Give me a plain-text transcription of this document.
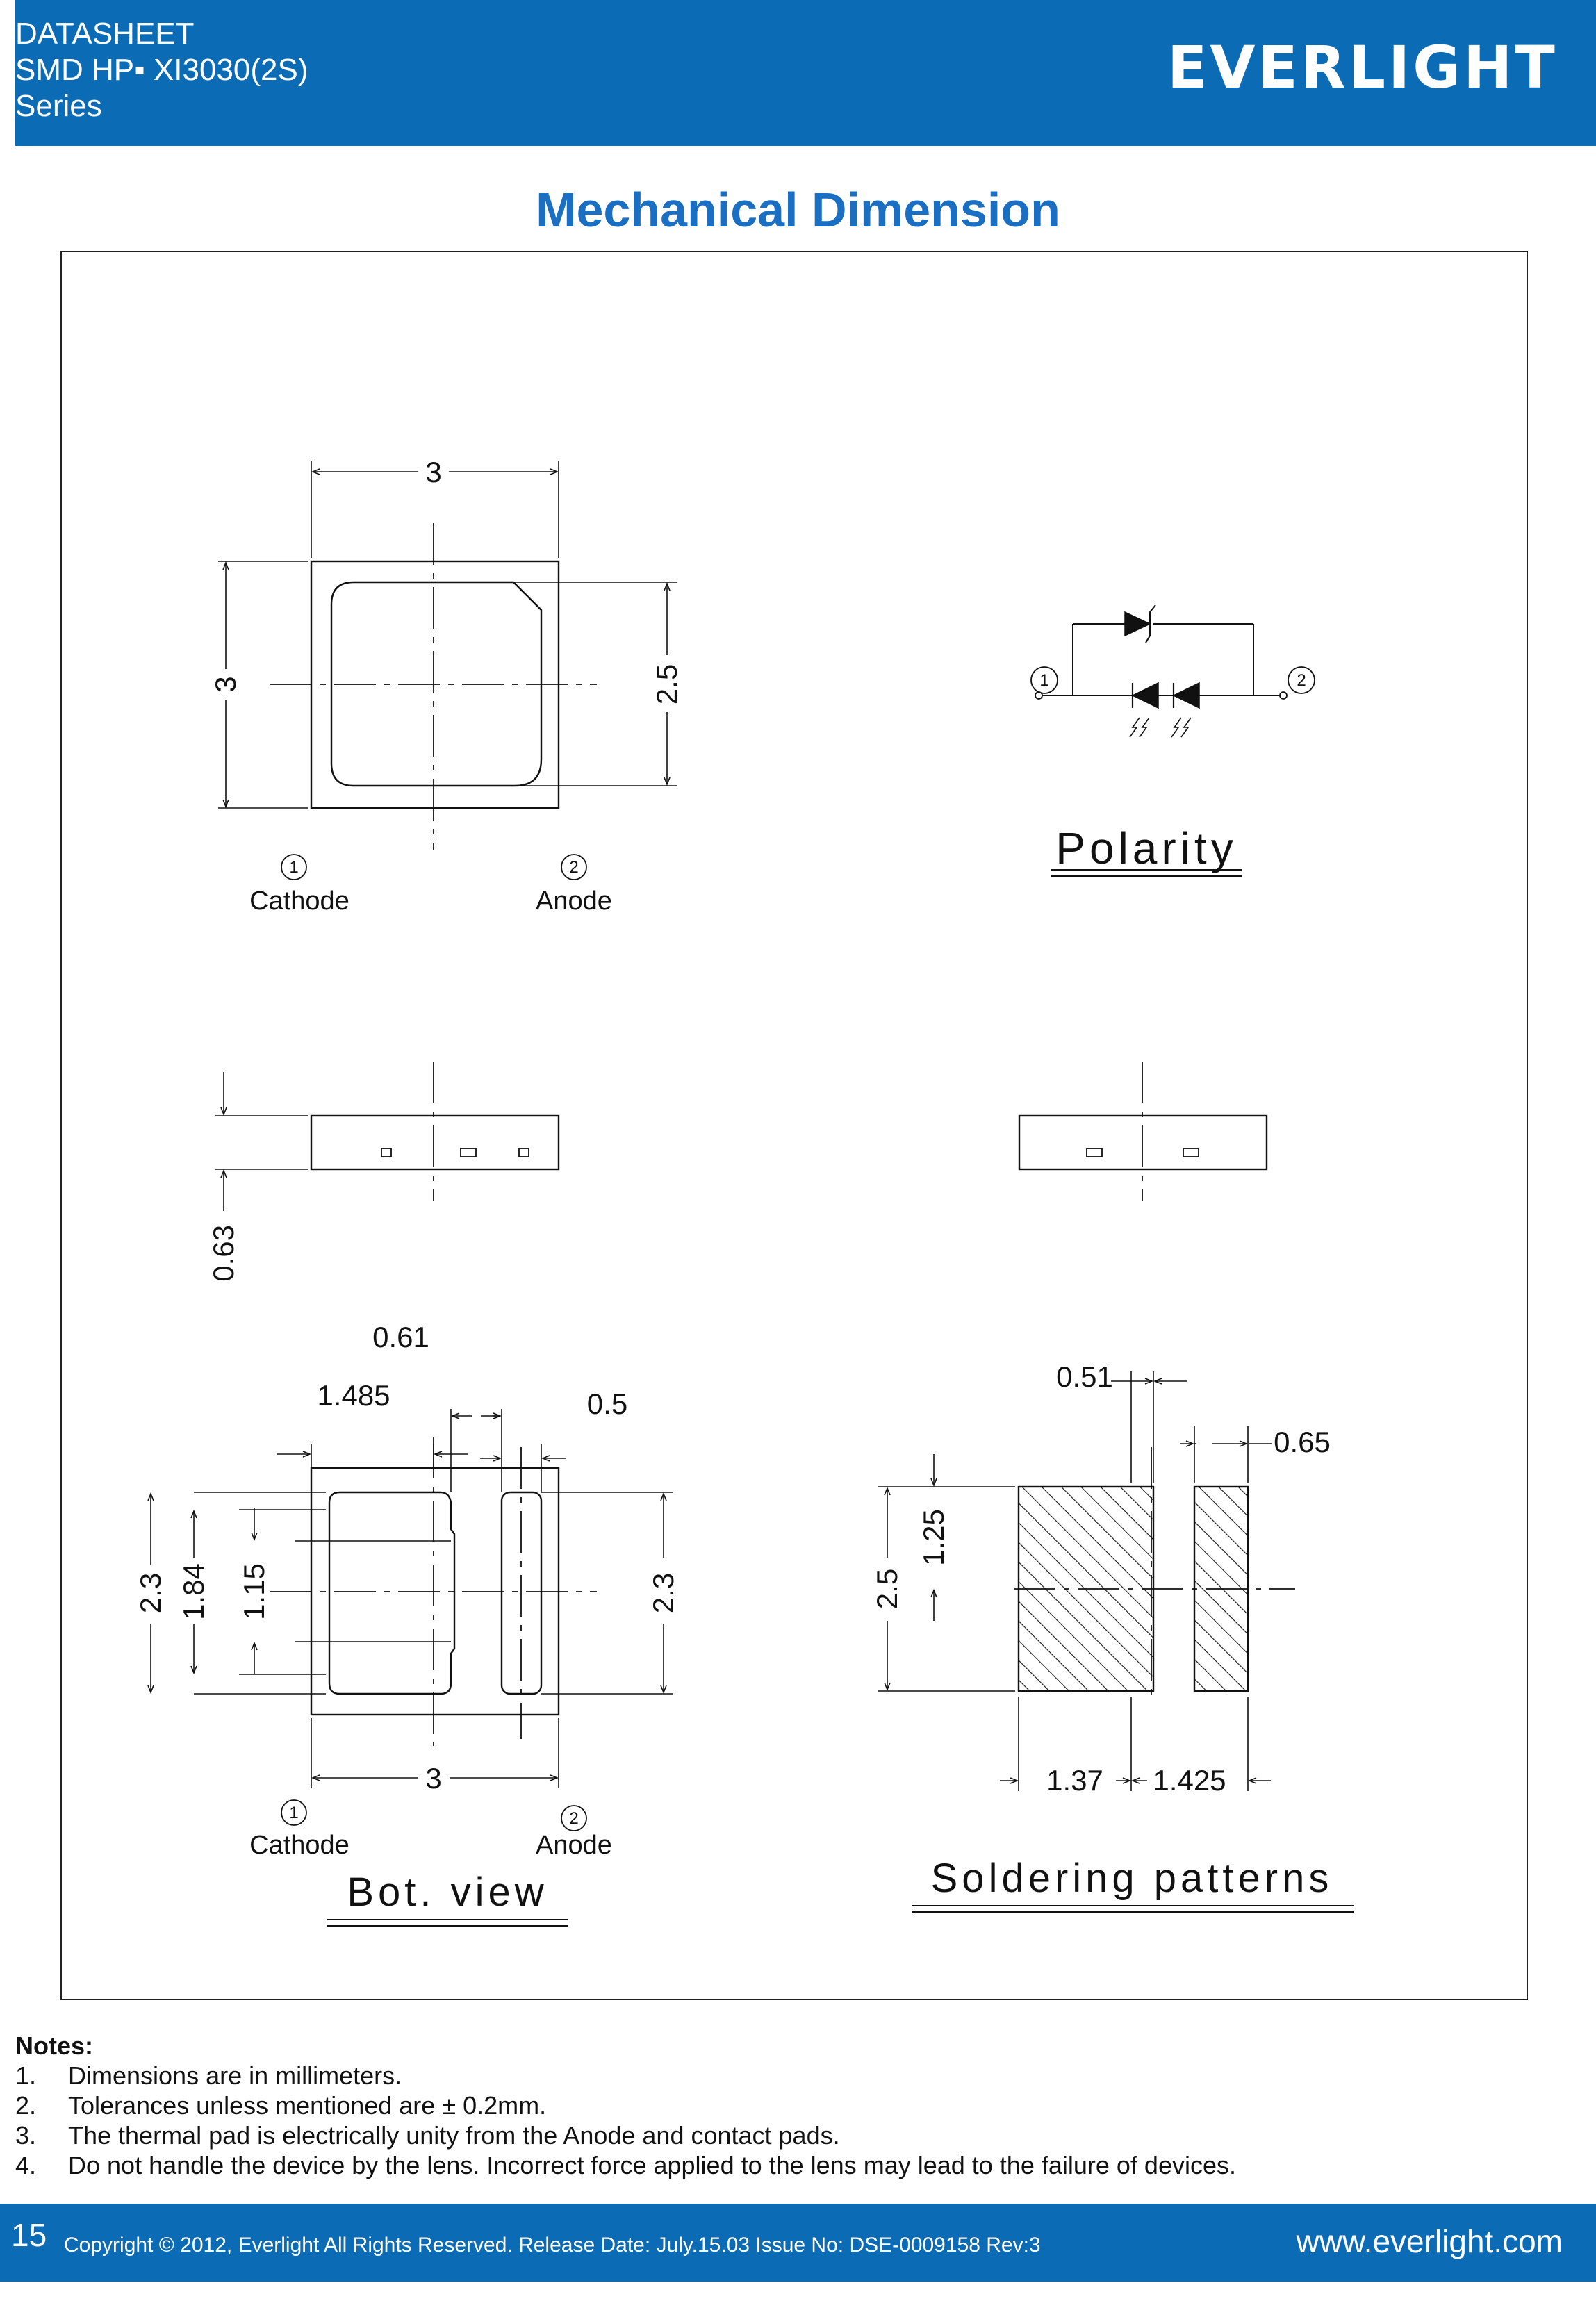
DATASHEET
SMD HP▪ XI3030(2S)
Series
EVERLIGHT
Mechanical Dimension
3
3	2.5
1	2
Cathode	Anode
1	2
Polarity
0.63
0.61
1.485	0.5
2.3 1.84 1.15	2.3
3
1	2
Cathode	Anode
Bot. view
0.51
0.65
2.5
1.25
1.37 1.425
Soldering patterns
Notes:
1.	Dimensions are in millimeters.
2.	Tolerances unless mentioned are ± 0.2mm.
3.	The thermal pad is electrically unity from the Anode and contact pads.
4.	Do not handle the device by the lens. Incorrect force applied to the lens may lead to the failure of devices.
15 Copyright © 2012, Everlight All Rights Reserved. Release Date: July.15.03 Issue No: DSE-0009158 Rev:3	www.everlight.com
